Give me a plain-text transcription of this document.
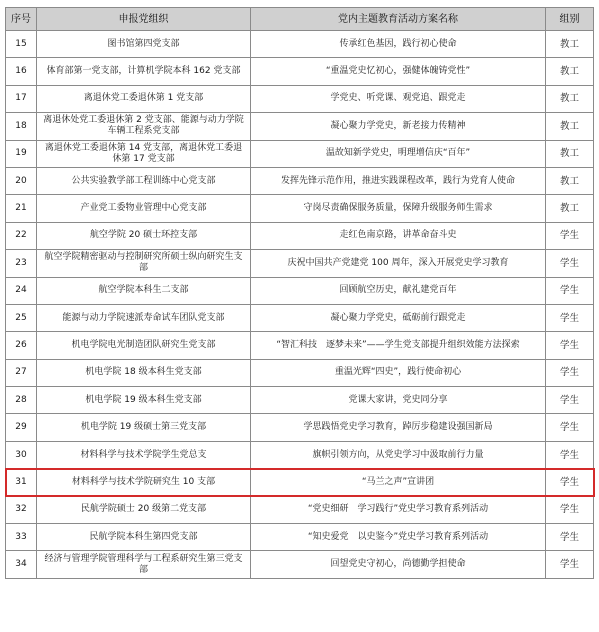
序号	申报党组织	党内主题教育活动方案名称	组别
15	图书馆第四党支部	传承红色基因，践行初心使命	教工
16	体育部第一党支部，计算机学院本科 162 党支部	“重温党史忆初心，强健体魄铸党性”	教工
17	离退休党工委退休第 1 党支部	学党史、听党课、观党追、跟党走	教工
18	离退休处党工委退休第 2 党支部、能源与动力学院车辆工程系党支部	凝心聚力学党史，新老接力传精神	教工
19	离退休党工委退休第 14 党支部，离退休党工委退休第 17 党支部	温故知新学党史，明理增信庆“百年”	教工
20	公共实验教学部工程训练中心党支部	发挥先锋示范作用，推进实践课程改革，践行为党育人使命	教工
21	产业党工委物业管理中心党支部	守岗尽责确保服务质量，保障升级服务师生需求	教工
22	航空学院 20 硕士环控支部	走红色南京路，讲革命奋斗史	学生
23	航空学院精密驱动与控制研究所硕士纵向研究生支部	庆祝中国共产党建党 100 周年，深入开展党史学习教育	学生
24	航空学院本科生二支部	回顾航空历史，献礼建党百年	学生
25	能源与动力学院速派寿命试车团队党支部	凝心聚力学党史，砥砺前行跟党走	学生
26	机电学院电光制造团队研究生党支部	“智汇科技　逐梦未来”——学生党支部提升组织效能方法探索	学生
27	机电学院 18 级本科生党支部	重温光辉“四史”，践行使命初心	学生
28	机电学院 19 级本科生党支部	党课大家讲，党史同分享	学生
29	机电学院 19 级硕士第三党支部	学思践悟党史学习教育，踔厉步稳建设强国新局	学生
30	材料科学与技术学院学生党总支	旗帜引领方向，从党史学习中汲取前行力量	学生
31	材料科学与技术学院研究生 10 支部	“马兰之声”宣讲团	学生
32	民航学院硕士 20 级第二党支部	“党史细研　学习践行”党史学习教育系列活动	学生
33	民航学院本科生第四党支部	“知史爱党　以史鉴今”党史学习教育系列活动	学生
34	经济与管理学院管理科学与工程系研究生第三党支部	回望党史守初心，尚德勤学担使命	学生
